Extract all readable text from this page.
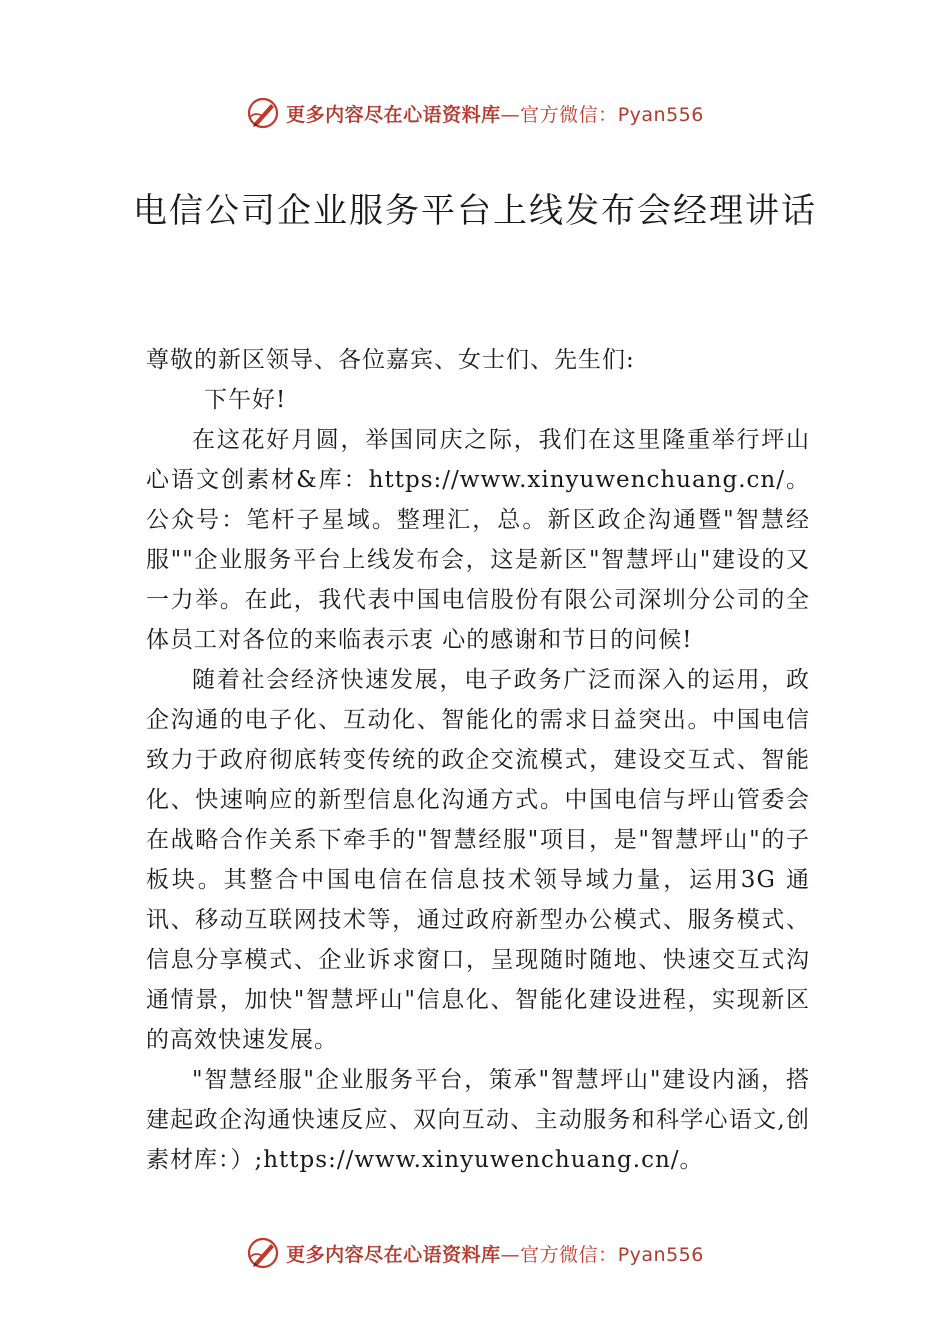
更多内容尽在心语资料库—官方微信：Pyan556
电信公司企业服务平台上线发布会经理讲话

尊敬的新区领导、各位嘉宾、女士们、先生们:

下午好!

在这花好月圆，举国同庆之际，我们在这里隆重举行坪山心语文创素材&库：https://www.xinyuwenchuang.cn/。公众号：笔杆子星域。整理汇，总。新区政企沟通暨"智慧经服""企业服务平台上线发布会，这是新区"智慧坪山"建设的又一力举。在此，我代表中国电信股份有限公司深圳分公司的全体员工对各位的来临表示衷 心的感谢和节日的问候!

随着社会经济快速发展，电子政务广泛而深入的运用，政企沟通的电子化、互动化、智能化的需求日益突出。中国电信致力于政府彻底转变传统的政企交流模式，建设交互式、智能化、快速响应的新型信息化沟通方式。中国电信与坪山管委会在战略合作关系下牵手的"智慧经服"项目，是"智慧坪山"的子板块。其整合中国电信在信息技术领导域力量，运用3G 通讯、移动互联网技术等，通过政府新型办公模式、服务模式、信息分享模式、企业诉求窗口，呈现随时随地、快速交互式沟通情景，加快"智慧坪山"信息化、智能化建设进程，实现新区的高效快速发展。

"智慧经服"企业服务平台，策承"智慧坪山"建设内涵，搭建起政企沟通快速反应、双向互动、主动服务和科学心语文,创素材库：）;https://www.xinyuwenchuang.cn/。

更多内容尽在心语资料库—官方微信：Pyan556
